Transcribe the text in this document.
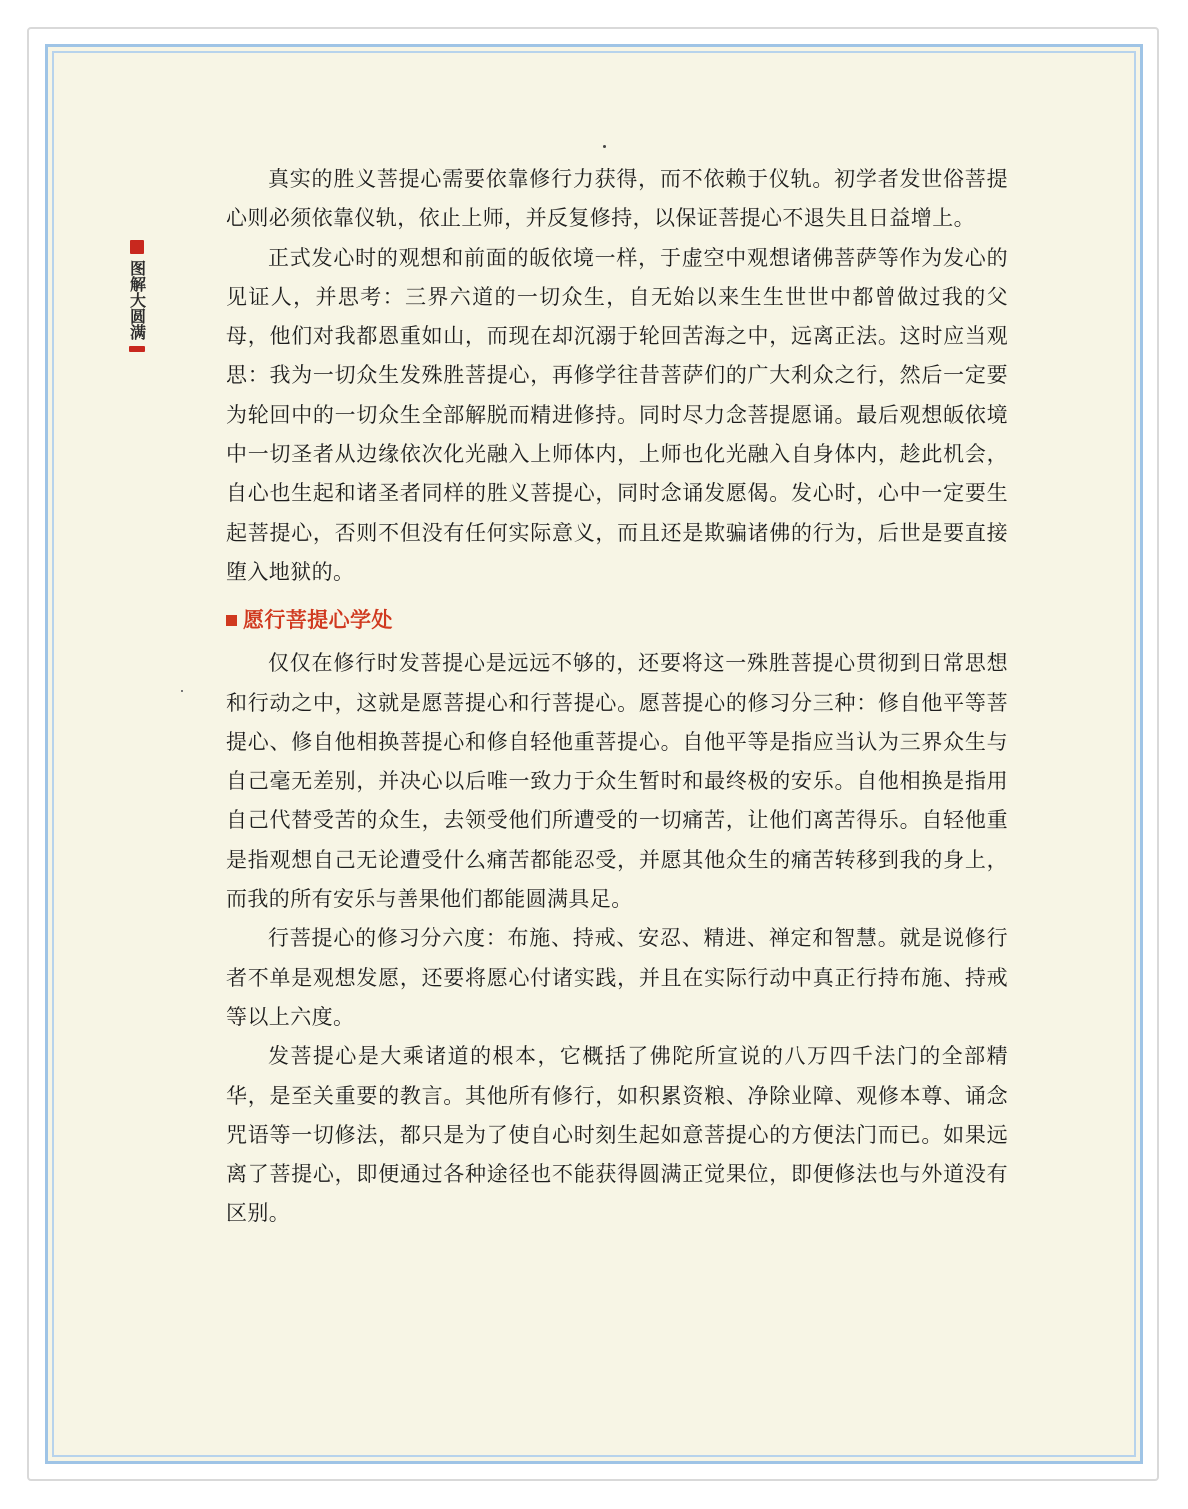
图解大圆满

真实的胜义菩提心需要依靠修行力获得，而不依赖于仪轨。初学者发世俗菩提心则必须依靠仪轨，依止上师，并反复修持，以保证菩提心不退失且日益增上。

正式发心时的观想和前面的皈依境一样，于虚空中观想诸佛菩萨等作为发心的见证人，并思考：三界六道的一切众生，自无始以来生生世世中都曾做过我的父母，他们对我都恩重如山，而现在却沉溺于轮回苦海之中，远离正法。这时应当观思：我为一切众生发殊胜菩提心，再修学往昔菩萨们的广大利众之行，然后一定要为轮回中的一切众生全部解脱而精进修持。同时尽力念菩提愿诵。最后观想皈依境中一切圣者从边缘依次化光融入上师体内，上师也化光融入自身体内，趁此机会，自心也生起和诸圣者同样的胜义菩提心，同时念诵发愿偈。发心时，心中一定要生起菩提心，否则不但没有任何实际意义，而且还是欺骗诸佛的行为，后世是要直接堕入地狱的。

愿行菩提心学处

仅仅在修行时发菩提心是远远不够的，还要将这一殊胜菩提心贯彻到日常思想和行动之中，这就是愿菩提心和行菩提心。愿菩提心的修习分三种：修自他平等菩提心、修自他相换菩提心和修自轻他重菩提心。自他平等是指应当认为三界众生与自己毫无差别，并决心以后唯一致力于众生暂时和最终极的安乐。自他相换是指用自己代替受苦的众生，去领受他们所遭受的一切痛苦，让他们离苦得乐。自轻他重是指观想自己无论遭受什么痛苦都能忍受，并愿其他众生的痛苦转移到我的身上，而我的所有安乐与善果他们都能圆满具足。

行菩提心的修习分六度：布施、持戒、安忍、精进、禅定和智慧。就是说修行者不单是观想发愿，还要将愿心付诸实践，并且在实际行动中真正行持布施、持戒等以上六度。

发菩提心是大乘诸道的根本，它概括了佛陀所宣说的八万四千法门的全部精华，是至关重要的教言。其他所有修行，如积累资粮、净除业障、观修本尊、诵念咒语等一切修法，都只是为了使自心时刻生起如意菩提心的方便法门而已。如果远离了菩提心，即便通过各种途径也不能获得圆满正觉果位，即便修法也与外道没有区别。
